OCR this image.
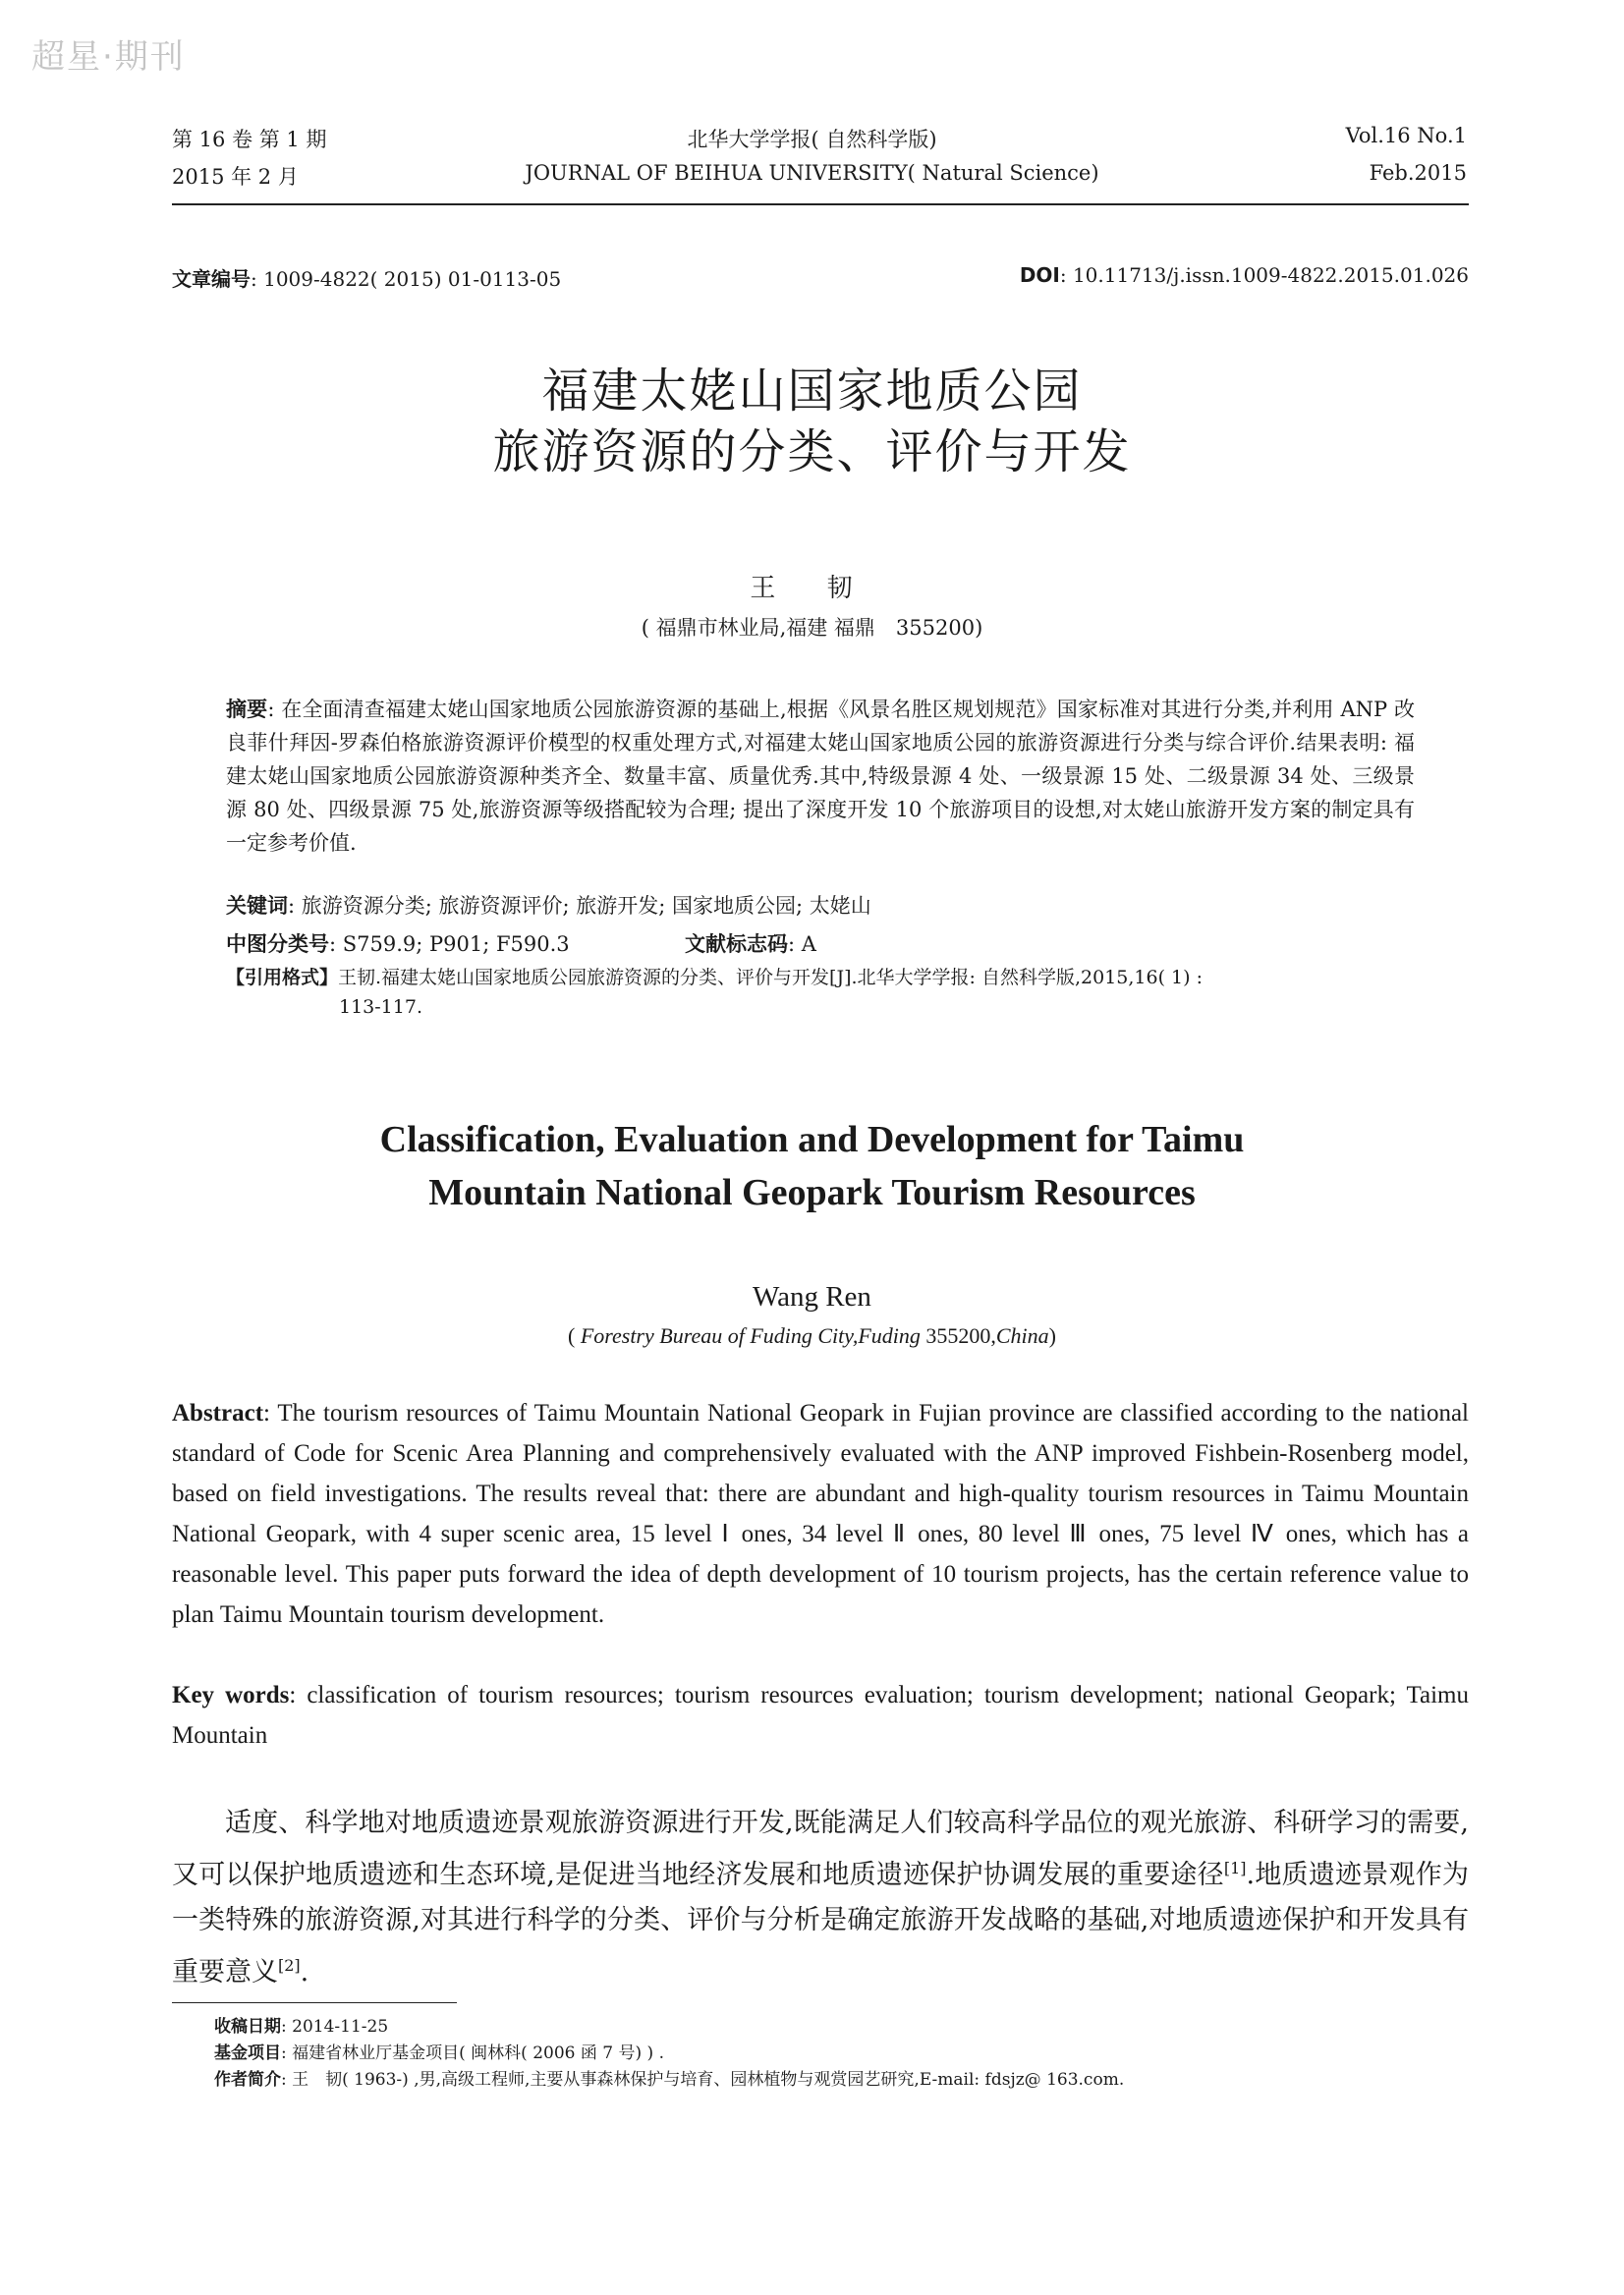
超星·期刊
第 16 卷 第 1 期
2015 年 2 月
北华大学学报( 自然科学版)
JOURNAL OF BEIHUA UNIVERSITY( Natural Science)
Vol.16 No.1
Feb.2015
文章编号: 1009-4822( 2015) 01-0113-05	DOI: 10.11713/j.issn.1009-4822.2015.01.026
福建太姥山国家地质公园
旅游资源的分类、评价与开发
王 韧
( 福鼎市林业局,福建 福鼎　355200)
摘要: 在全面清查福建太姥山国家地质公园旅游资源的基础上,根据《风景名胜区规划规范》国家标准对其进行分类,并利用 ANP 改良菲什拜因-罗森伯格旅游资源评价模型的权重处理方式,对福建太姥山国家地质公园的旅游资源进行分类与综合评价.结果表明: 福建太姥山国家地质公园旅游资源种类齐全、数量丰富、质量优秀.其中,特级景源 4 处、一级景源 15 处、二级景源 34 处、三级景源 80 处、四级景源 75 处,旅游资源等级搭配较为合理; 提出了深度开发 10 个旅游项目的设想,对太姥山旅游开发方案的制定具有一定参考价值.
关键词: 旅游资源分类; 旅游资源评价; 旅游开发; 国家地质公园; 太姥山
中图分类号: S759.9; P901; F590.3	文献标志码: A
【引用格式】王韧.福建太姥山国家地质公园旅游资源的分类、评价与开发[J].北华大学学报: 自然科学版,2015,16( 1) :
113-117.
Classification, Evaluation and Development for Taimu
Mountain National Geopark Tourism Resources
Wang Ren
( Forestry Bureau of Fuding City,Fuding 355200,China)
Abstract: The tourism resources of Taimu Mountain National Geopark in Fujian province are classified according to the national standard of Code for Scenic Area Planning and comprehensively evaluated with the ANP improved Fishbein-Rosenberg model, based on field investigations. The results reveal that: there are abundant and high-quality tourism resources in Taimu Mountain National Geopark, with 4 super scenic area, 15 level Ⅰ ones, 34 level Ⅱ ones, 80 level Ⅲ ones, 75 level Ⅳ ones, which has a reasonable level. This paper puts forward the idea of depth development of 10 tourism projects, has the certain reference value to plan Taimu Mountain tourism development.
Key words: classification of tourism resources; tourism resources evaluation; tourism development; national Geopark; Taimu Mountain
适度、科学地对地质遗迹景观旅游资源进行开发,既能满足人们较高科学品位的观光旅游、科研学习的需要,又可以保护地质遗迹和生态环境,是促进当地经济发展和地质遗迹保护协调发展的重要途径[1].地质遗迹景观作为一类特殊的旅游资源,对其进行科学的分类、评价与分析是确定旅游开发战略的基础,对地质遗迹保护和开发具有重要意义[2].
收稿日期: 2014-11-25
基金项目: 福建省林业厅基金项目( 闽林科( 2006 函 7 号) ) .
作者简介: 王　韧( 1963-) ,男,高级工程师,主要从事森林保护与培育、园林植物与观赏园艺研究,E-mail: fdsjz@ 163.com.
